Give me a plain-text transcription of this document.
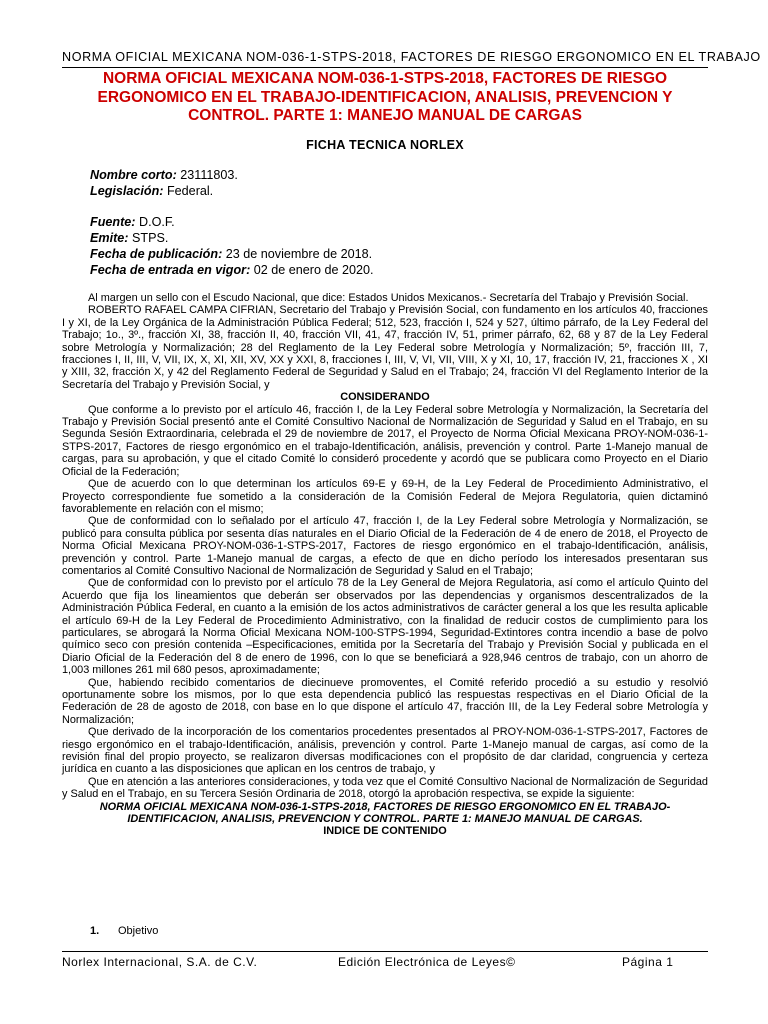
NORMA OFICIAL MEXICANA NOM-036-1-STPS-2018, FACTORES DE RIESGO ERGONOMICO EN EL TRABAJO
NORMA OFICIAL MEXICANA NOM-036-1-STPS-2018, FACTORES DE RIESGO ERGONOMICO EN EL TRABAJO-IDENTIFICACION, ANALISIS, PREVENCION Y CONTROL. PARTE 1: MANEJO MANUAL DE CARGAS
FICHA TECNICA NORLEX
Nombre corto: 23111803.
Legislación: Federal.
Fuente: D.O.F.
Emite: STPS.
Fecha de publicación: 23 de noviembre de 2018.
Fecha de entrada en vigor: 02 de enero de 2020.

Al margen un sello con el Escudo Nacional, que dice: Estados Unidos Mexicanos.- Secretaría del Trabajo y Previsión Social.

ROBERTO RAFAEL CAMPA CIFRIAN, Secretario del Trabajo y Previsión Social, con fundamento en los artículos 40, fracciones I y XI, de la Ley Orgánica de la Administración Pública Federal; 512, 523, fracción I, 524 y 527, último párrafo, de la Ley Federal del Trabajo; 1o., 3º., fracción XI, 38, fracción II, 40, fracción VII, 41, 47, fracción IV, 51, primer párrafo, 62, 68 y 87 de la Ley Federal sobre Metrología y Normalización; 28 del Reglamento de la Ley Federal sobre Metrología y Normalización; 5º, fracción III, 7, fracciones I, II, III, V, VII, IX, X, XI, XII, XV, XX y XXI, 8, fracciones I, III, V, VI, VII, VIII, X y XI, 10, 17, fracción IV, 21, fracciones X , XI y XIII, 32, fracción X, y 42 del Reglamento Federal de Seguridad y Salud en el Trabajo; 24, fracción VI del Reglamento Interior de la Secretaría del Trabajo y Previsión Social, y

CONSIDERANDO

Que conforme a lo previsto por el artículo 46, fracción I, de la Ley Federal sobre Metrología y Normalización, la Secretaría del Trabajo y Previsión Social presentó ante el Comité Consultivo Nacional de Normalización de Seguridad y Salud en el Trabajo, en su Segunda Sesión Extraordinaria, celebrada el 29 de noviembre de 2017, el Proyecto de Norma Oficial Mexicana PROY-NOM-036-1-STPS-2017, Factores de riesgo ergonómico en el trabajo-Identificación, análisis, prevención y control. Parte 1-Manejo manual de cargas, para su aprobación, y que el citado Comité lo consideró procedente y acordó que se publicara como Proyecto en el Diario Oficial de la Federación;

Que de acuerdo con lo que determinan los artículos 69-E y 69-H, de la Ley Federal de Procedimiento Administrativo, el Proyecto correspondiente fue sometido a la consideración de la Comisión Federal de Mejora Regulatoria, quien dictaminó favorablemente en relación con el mismo;

Que de conformidad con lo señalado por el artículo 47, fracción I, de la Ley Federal sobre Metrología y Normalización, se publicó para consulta pública por sesenta días naturales en el Diario Oficial de la Federación de 4 de enero de 2018, el Proyecto de Norma Oficial Mexicana PROY-NOM-036-1-STPS-2017, Factores de riesgo ergonómico en el trabajo-Identificación, análisis, prevención y control. Parte 1-Manejo manual de cargas, a efecto de que en dicho período los interesados presentaran sus comentarios al Comité Consultivo Nacional de Normalización de Seguridad y Salud en el Trabajo;

Que de conformidad con lo previsto por el artículo 78 de la Ley General de Mejora Regulatoria, así como el artículo Quinto del Acuerdo que fija los lineamientos que deberán ser observados por las dependencias y organismos descentralizados de la Administración Pública Federal, en cuanto a la emisión de los actos administrativos de carácter general a los que les resulta aplicable el artículo 69-H de la Ley Federal de Procedimiento Administrativo, con la finalidad de reducir costos de cumplimiento para los particulares, se abrogará la Norma Oficial Mexicana NOM-100-STPS-1994, Seguridad-Extintores contra incendio a base de polvo químico seco con presión contenida –Especificaciones, emitida por la Secretaría del Trabajo y Previsión Social y publicada en el Diario Oficial de la Federación del 8 de enero de 1996, con lo que se beneficiará a 928,946 centros de trabajo, con un ahorro de 1,003 millones 261 mil 680 pesos, aproximadamente;

Que, habiendo recibido comentarios de diecinueve promoventes, el Comité referido procedió a su estudio y resolvió oportunamente sobre los mismos, por lo que esta dependencia publicó las respuestas respectivas en el Diario Oficial de la Federación de 28 de agosto de 2018, con base en lo que dispone el artículo 47, fracción III, de la Ley Federal sobre Metrología y Normalización;

Que derivado de la incorporación de los comentarios procedentes presentados al PROY-NOM-036-1-STPS-2017, Factores de riesgo ergonómico en el trabajo-Identificación, análisis, prevención y control. Parte 1-Manejo manual de cargas, así como de la revisión final del propio proyecto, se realizaron diversas modificaciones con el propósito de dar claridad, congruencia y certeza jurídica en cuanto a las disposiciones que aplican en los centros de trabajo, y

Que en atención a las anteriores consideraciones, y toda vez que el Comité Consultivo Nacional de Normalización de Seguridad y Salud en el Trabajo, en su Tercera Sesión Ordinaria de 2018, otorgó la aprobación respectiva, se expide la siguiente:

NORMA OFICIAL MEXICANA NOM-036-1-STPS-2018, FACTORES DE RIESGO ERGONOMICO EN EL TRABAJO-IDENTIFICACION, ANALISIS, PREVENCION Y CONTROL. PARTE 1: MANEJO MANUAL DE CARGAS.

INDICE DE CONTENIDO

1. Objetivo
Norlex Internacional, S.A. de C.V.	Edición Electrónica de Leyes©	Página 1
